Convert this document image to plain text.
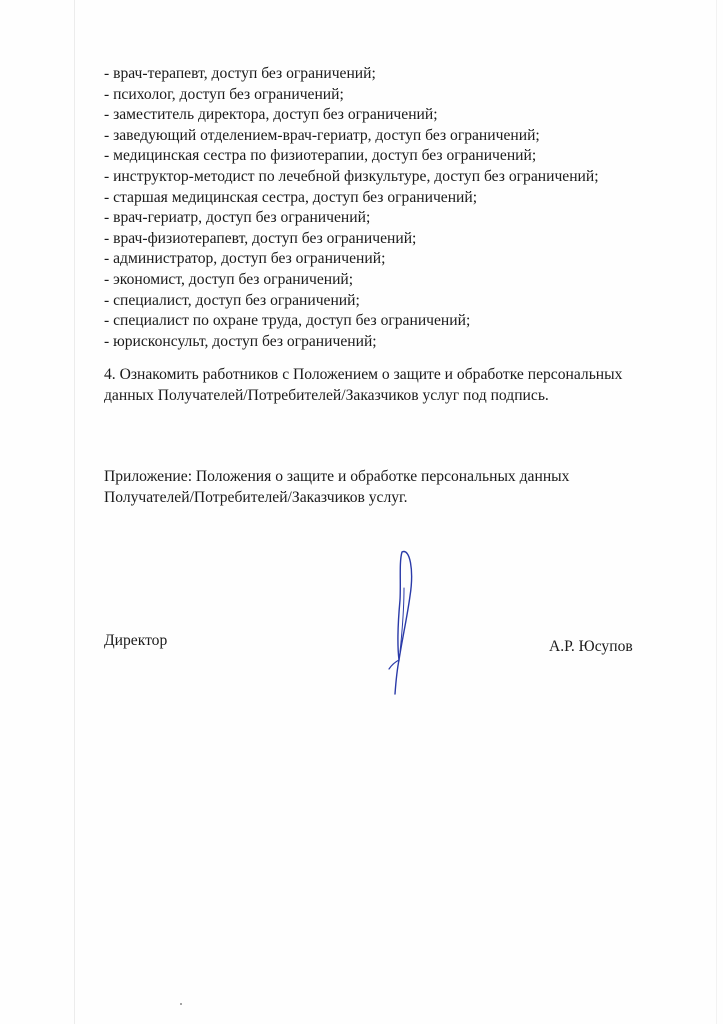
- врач-терапевт, доступ без ограничений;
- психолог, доступ без ограничений;
- заместитель директора, доступ без ограничений;
- заведующий отделением-врач-гериатр, доступ без ограничений;
- медицинская сестра по физиотерапии, доступ без ограничений;
- инструктор-методист по лечебной физкультуре, доступ без ограничений;
- старшая медицинская сестра, доступ без ограничений;
- врач-гериатр, доступ без ограничений;
- врач-физиотерапевт, доступ без ограничений;
- администратор, доступ без ограничений;
- экономист, доступ без ограничений;
- специалист, доступ без ограничений;
- специалист по охране труда, доступ без ограничений;
- юрисконсульт, доступ без ограничений;

4. Ознакомить работников с Положением о защите и обработке персональных
данных Получателей/Потребителей/Заказчиков услуг под подпись.

Приложение: Положения о защите и обработке персональных данных
Получателей/Потребителей/Заказчиков услуг.

Директор	А.Р. Юсупов
